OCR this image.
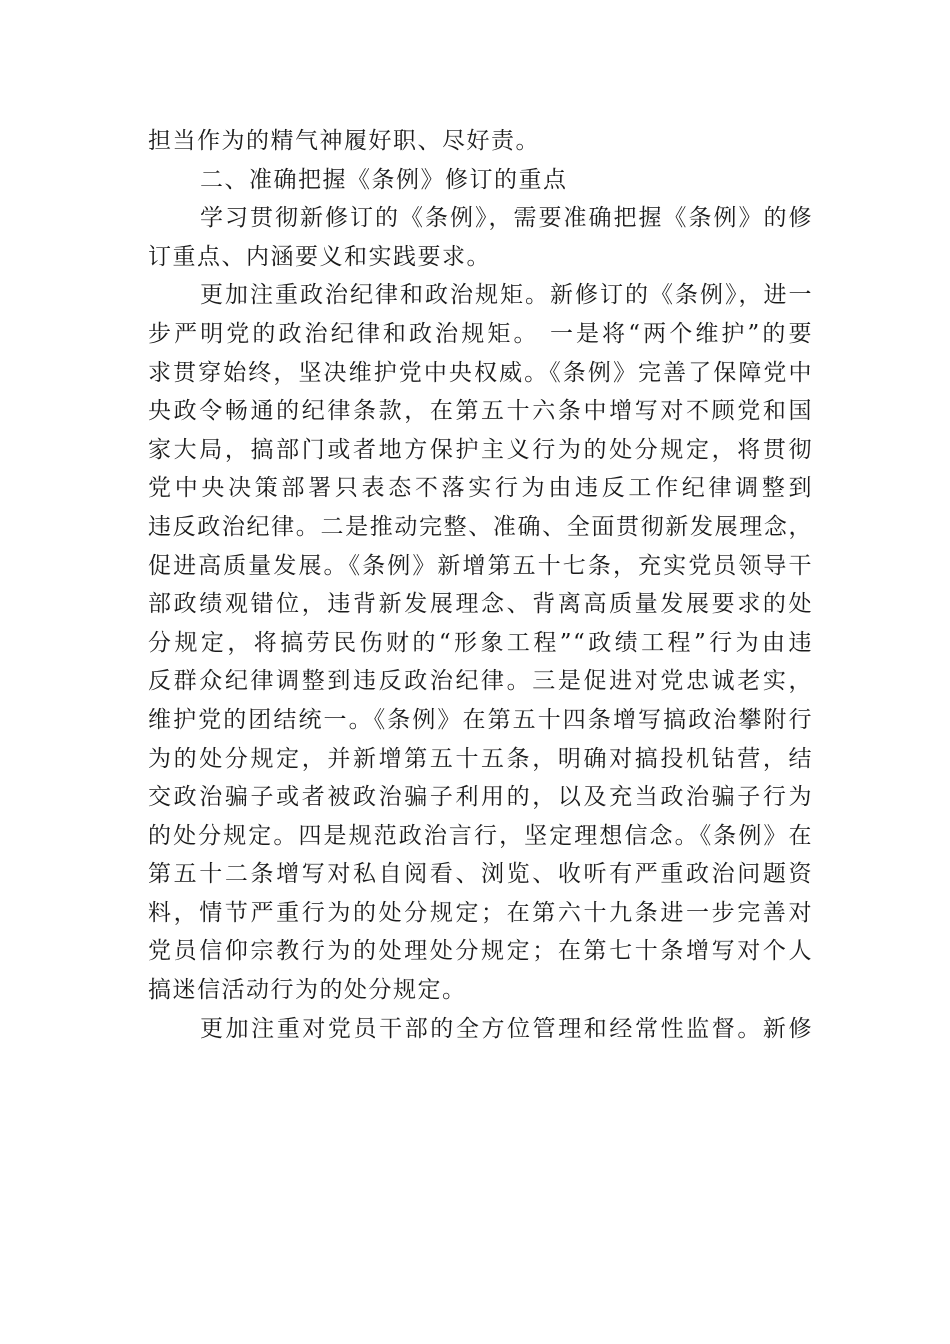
担当作为的精气神履好职、尽好责。
二、准确把握《条例》修订的重点
学习贯彻新修订的《条例》，需要准确把握《条例》的修
订重点、内涵要义和实践要求。
更加注重政治纪律和政治规矩。新修订的《条例》，进一
步严明党的政治纪律和政治规矩。 一是将“两个维护”的要
求贯穿始终，坚决维护党中央权威。《条例》完善了保障党中
央政令畅通的纪律条款，在第五十六条中增写对不顾党和国
家大局，搞部门或者地方保护主义行为的处分规定，将贯彻
党中央决策部署只表态不落实行为由违反工作纪律调整到
违反政治纪律。二是推动完整、准确、全面贯彻新发展理念，
促进高质量发展。《条例》新增第五十七条，充实党员领导干
部政绩观错位，违背新发展理念、背离高质量发展要求的处
分规定，将搞劳民伤财的“形象工程”“政绩工程”行为由违
反群众纪律调整到违反政治纪律。三是促进对党忠诚老实，
维护党的团结统一。《条例》在第五十四条增写搞政治攀附行
为的处分规定，并新增第五十五条，明确对搞投机钻营，结
交政治骗子或者被政治骗子利用的，以及充当政治骗子行为
的处分规定。四是规范政治言行，坚定理想信念。《条例》在
第五十二条增写对私自阅看、浏览、收听有严重政治问题资
料，情节严重行为的处分规定；在第六十九条进一步完善对
党员信仰宗教行为的处理处分规定；在第七十条增写对个人
搞迷信活动行为的处分规定。
更加注重对党员干部的全方位管理和经常性监督。新修
